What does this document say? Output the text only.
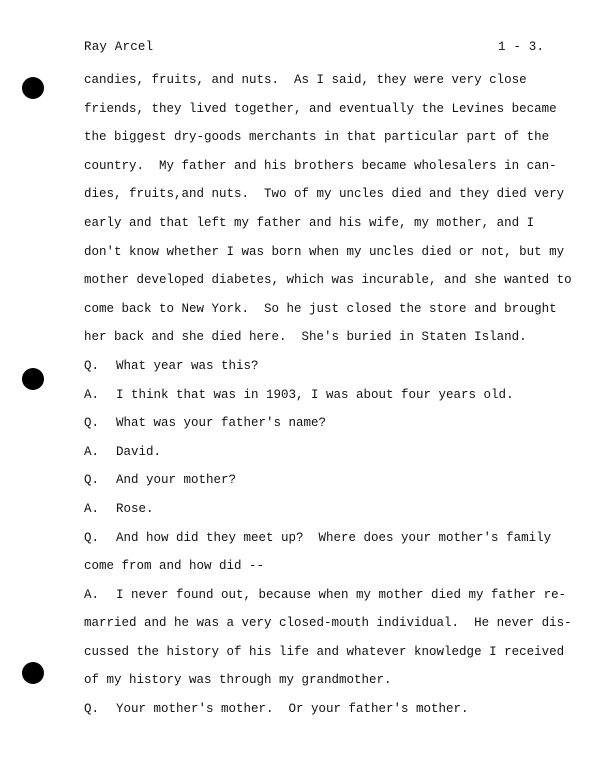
Ray Arcel	1 - 3.
candies, fruits, and nuts.  As I said, they were very close
friends, they lived together, and eventually the Levines became
the biggest dry-goods merchants in that particular part of the
country.  My father and his brothers became wholesalers in can-
dies, fruits,and nuts.  Two of my uncles died and they died very
early and that left my father and his wife, my mother, and I
don't know whether I was born when my uncles died or not, but my
mother developed diabetes, which was incurable, and she wanted to
come back to New York.  So he just closed the store and brought
her back and she died here.  She's buried in Staten Island.
Q. What year was this?
A. I think that was in 1903, I was about four years old.
Q. What was your father's name?
A. David.
Q. And your mother?
A. Rose.
Q. And how did they meet up?  Where does your mother's family
come from and how did --
A. I never found out, because when my mother died my father re-
married and he was a very closed-mouth individual.  He never dis-
cussed the history of his life and whatever knowledge I received
of my history was through my grandmother.
Q. Your mother's mother.  Or your father's mother.
